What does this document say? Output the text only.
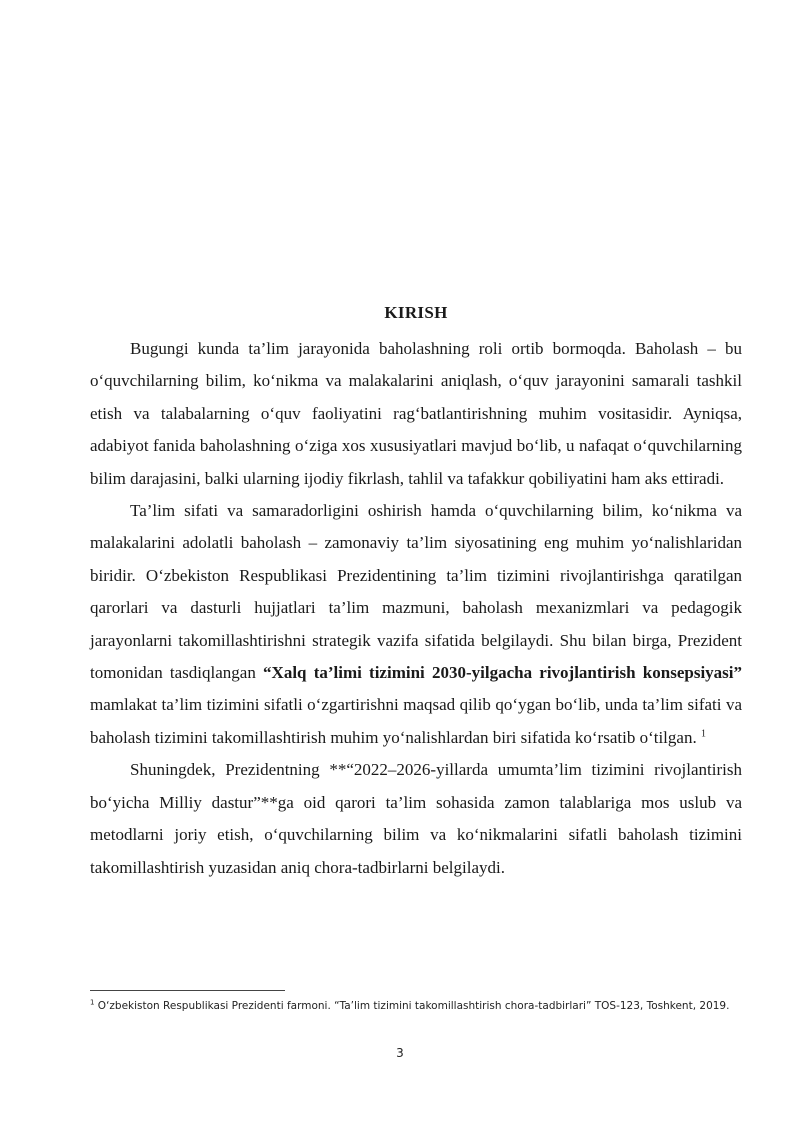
KIRISH

Bugungi kunda ta’lim jarayonida baholashning roli ortib bormoqda. Baholash – bu o‘quvchilarning bilim, ko‘nikma va malakalarini aniqlash, o‘quv jarayonini samarali tashkil etish va talabalarning o‘quv faoliyatini rag‘batlantirishning muhim vositasidir. Ayniqsa, adabiyot fanida baholashning o‘ziga xos xususiyatlari mavjud bo‘lib, u nafaqat o‘quvchilarning bilim darajasini, balki ularning ijodiy fikrlash, tahlil va tafakkur qobiliyatini ham aks ettiradi.

Ta’lim sifati va samaradorligini oshirish hamda o‘quvchilarning bilim, ko‘nikma va malakalarini adolatli baholash – zamonaviy ta’lim siyosatining eng muhim yo‘nalishlaridan biridir. O‘zbekiston Respublikasi Prezidentining ta’lim tizimini rivojlantirishga qaratilgan qarorlari va dasturli hujjatlari ta’lim mazmuni, baholash mexanizmlari va pedagogik jarayonlarni takomillashtirishni strategik vazifa sifatida belgilaydi. Shu bilan birga, Prezident tomonidan tasdiqlangan “Xalq ta’limi tizimini 2030-yilgacha rivojlantirish konsepsiyasi” mamlakat ta’lim tizimini sifatli o‘zgartirishni maqsad qilib qo‘ygan bo‘lib, unda ta’lim sifati va baholash tizimini takomillashtirish muhim yo‘nalishlardan biri sifatida ko‘rsatib o‘tilgan. $^1$

Shuningdek, Prezidentning **“2022–2026-yillarda umumta’lim tizimini rivojlantirish bo‘yicha Milliy dastur”**ga oid qarori ta’lim sohasida zamon talablariga mos uslub va metodlarni joriy etish, o‘quvchilarning bilim va ko‘nikmalarini sifatli baholash tizimini takomillashtirish yuzasidan aniq chora-tadbirlarni belgilaydi.

$^1$ O‘zbekiston Respublikasi Prezidenti farmoni. “Ta’lim tizimini takomillashtirish chora-tadbirlari” TOS-123, Toshkent, 2019.
3
